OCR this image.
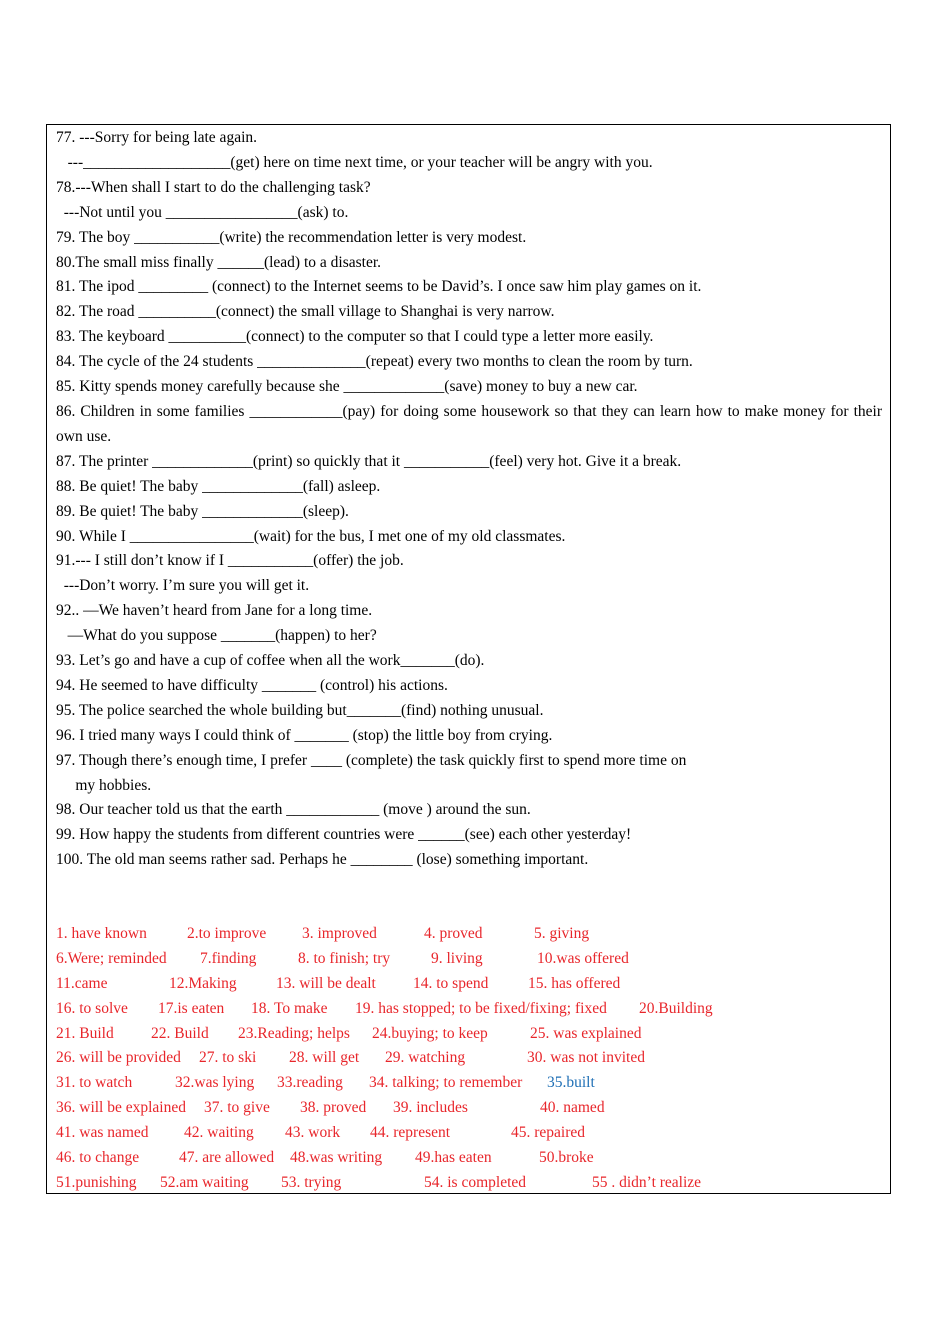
77. ---Sorry for being late again.
---___________________(get) here on time next time, or your teacher will be angry with you.
78.---When shall I start to do the challenging task?
---Not until you _________________(ask) to.
79. The boy ___________(write) the recommendation letter is very modest.
80.The small miss finally ______(lead) to a disaster.
81. The ipod _________ (connect) to the Internet seems to be David’s. I once saw him play games on it.
82. The road __________(connect) the small village to Shanghai is very narrow.
83. The keyboard __________(connect) to the computer so that I could type a letter more easily.
84. The cycle of the 24 students ______________(repeat) every two months to clean the room by turn.
85. Kitty spends money carefully because she _____________(save) money to buy a new car.
86. Children in some families ____________(pay) for doing some housework so that they can learn how to make money for their own use.
87. The printer _____________(print) so quickly that it ___________(feel) very hot. Give it a break.
88. Be quiet! The baby _____________(fall) asleep.
89. Be quiet! The baby _____________(sleep).
90. While I ________________(wait) for the bus, I met one of my old classmates.
91.--- I still don’t know if I ___________(offer) the job.
---Don’t worry. I’m sure you will get it.
92.. —We haven’t heard from Jane for a long time.
—What do you suppose _______(happen) to her?
93. Let’s go and have a cup of coffee when all the work_______(do).
94. He seemed to have difficulty _______ (control) his actions.
95. The police searched the whole building but_______(find) nothing unusual.
96. I tried many ways I could think of _______ (stop) the little boy from crying.
97. Though there’s enough time, I prefer ____ (complete) the task quickly first to spend more time on
my hobbies.
98. Our teacher told us that the earth ____________ (move ) around the sun.
99. How happy the students from different countries were ______(see) each other yesterday!
100. The old man seems rather sad. Perhaps he ________ (lose) something important.
1. have known	2.to improve 3. improved	4. proved	5. giving
6.Were; reminded 7.finding	8. to finish; try	9. living	10.was offered
11.came	12.Making	13. will be dealt 14. to spend	15. has offered
16. to solve 17.is eaten 18. To make 19. has stopped; to be fixed/fixing; fixed 20.Building
21. Build 22. Build 23.Reading; helps 24.buying; to keep	25. was explained
26. will be provided 27. to ski 28. will get 29. watching	30. was not invited
31. to watch	32.was lying 33.reading 34. talking; to remember 35.built
36. will be explained 37. to give 38. proved 39. includes	40. named
41. was named 42. waiting 43. work 44. represent	45. repaired
46. to change	47. are allowed 48.was writing 49.has eaten	50.broke
51.punishing 52.am waiting 53. trying	54. is completed	55 . didn’t realize
